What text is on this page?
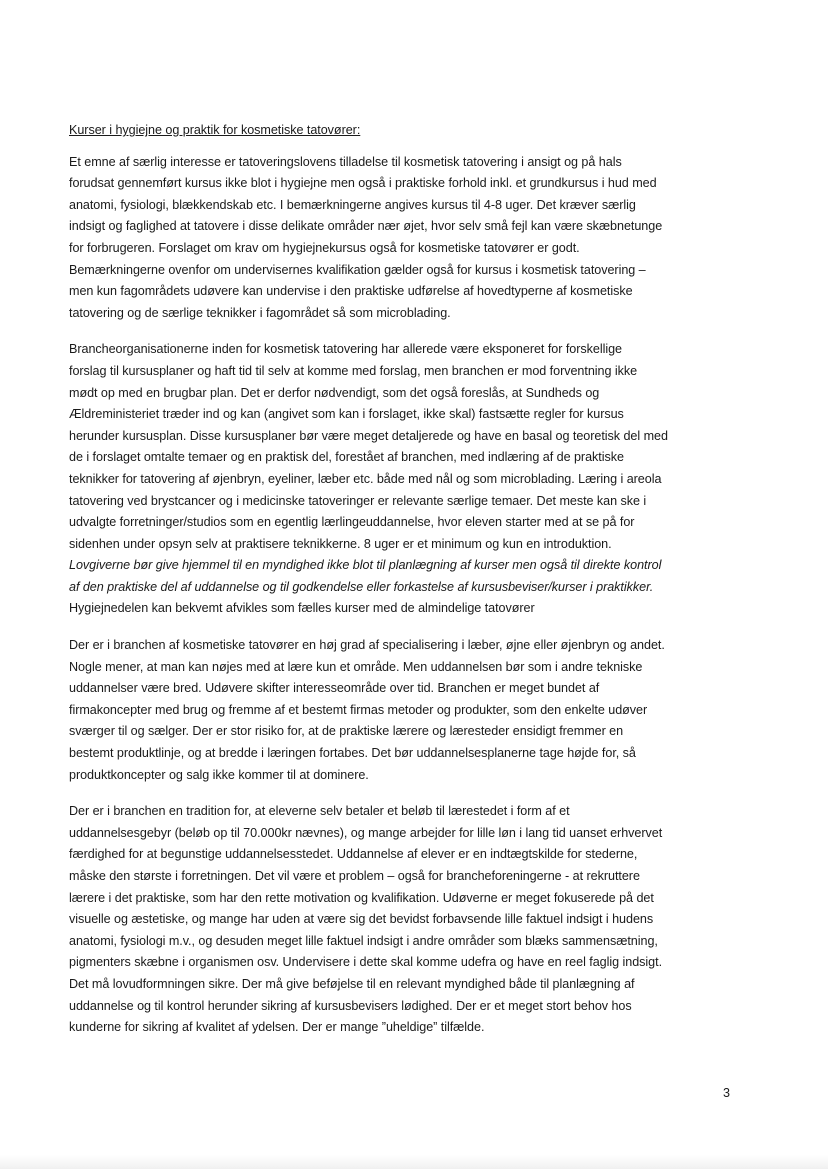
Kurser i hygiejne og praktik for kosmetiske tatovører:
Et emne af særlig interesse er tatoveringslovens tilladelse til kosmetisk tatovering i ansigt og på hals
forudsat gennemført kursus ikke blot i hygiejne men også i praktiske forhold inkl. et grundkursus i hud med
anatomi, fysiologi, blækkendskab etc. I bemærkningerne angives kursus til 4-8 uger. Det kræver særlig
indsigt og faglighed at tatovere i disse delikate områder nær øjet, hvor selv små fejl kan være skæbnetunge
for forbrugeren. Forslaget om krav om hygiejnekursus også for kosmetiske tatovører er godt.
Bemærkningerne ovenfor om undervisernes kvalifikation gælder også for kursus i kosmetisk tatovering –
men kun fagområdets udøvere kan undervise i den praktiske udførelse af hovedtyperne af kosmetiske
tatovering og de særlige teknikker i fagområdet så som microblading.
Brancheorganisationerne inden for kosmetisk tatovering har allerede være eksponeret for forskellige
forslag til kursusplaner og haft tid til selv at komme med forslag, men branchen er mod forventning ikke
mødt op med en brugbar plan. Det er derfor nødvendigt, som det også foreslås, at Sundheds og
Ældreministeriet træder ind og kan (angivet som kan i forslaget, ikke skal) fastsætte regler for kursus
herunder kursusplan. Disse kursusplaner bør være meget detaljerede og have en basal og teoretisk del med
de i forslaget omtalte temaer og en praktisk del, forestået af branchen, med indlæring af de praktiske
teknikker for tatovering af øjenbryn, eyeliner, læber etc. både med nål og som microblading. Læring i areola
tatovering ved brystcancer og i medicinske tatoveringer er relevante særlige temaer. Det meste kan ske i
udvalgte forretninger/studios som en egentlig lærlingeuddannelse, hvor eleven starter med at se på for
sidenhen under opsyn selv at praktisere teknikkerne. 8 uger er et minimum og kun en introduktion.
Lovgiverne bør give hjemmel til en myndighed ikke blot til planlægning af kurser men også til direkte kontrol
af den praktiske del af uddannelse og til godkendelse eller forkastelse af kursusbeviser/kurser i praktikker.
Hygiejnedelen kan bekvemt afvikles som fælles kurser med de almindelige tatovører
Der er i branchen af kosmetiske tatovører en høj grad af specialisering i læber, øjne eller øjenbryn og andet.
Nogle mener, at man kan nøjes med at lære kun et område. Men uddannelsen bør som i andre tekniske
uddannelser være bred. Udøvere skifter interesseområde over tid. Branchen er meget bundet af
firmakoncepter med brug og fremme af et bestemt firmas metoder og produkter, som den enkelte udøver
sværger til og sælger. Der er stor risiko for, at de praktiske lærere og læresteder ensidigt fremmer en
bestemt produktlinje, og at bredde i læringen fortabes. Det bør uddannelsesplanerne tage højde for, så
produktkoncepter og salg ikke kommer til at dominere.
Der er i branchen en tradition for, at eleverne selv betaler et beløb til lærestedet i form af et
uddannelsesgebyr (beløb op til 70.000kr nævnes), og mange arbejder for lille løn i lang tid uanset erhvervet
færdighed for at begunstige uddannelsesstedet. Uddannelse af elever er en indtægtskilde for stederne,
måske den største i forretningen. Det vil være et problem – også for brancheforeningerne - at rekruttere
lærere i det praktiske, som har den rette motivation og kvalifikation. Udøverne er meget fokuserede på det
visuelle og æstetiske, og mange har uden at være sig det bevidst forbavsende lille faktuel indsigt i hudens
anatomi, fysiologi m.v., og desuden meget lille faktuel indsigt i andre områder som blæks sammensætning,
pigmenters skæbne i organismen osv. Undervisere i dette skal komme udefra og have en reel faglig indsigt.
Det må lovudformningen sikre. Der må give beføjelse til en relevant myndighed både til planlægning af
uddannelse og til kontrol herunder sikring af kursusbevisers lødighed. Der er et meget stort behov hos
kunderne for sikring af kvalitet af ydelsen. Der er mange ”uheldige” tilfælde.
3
